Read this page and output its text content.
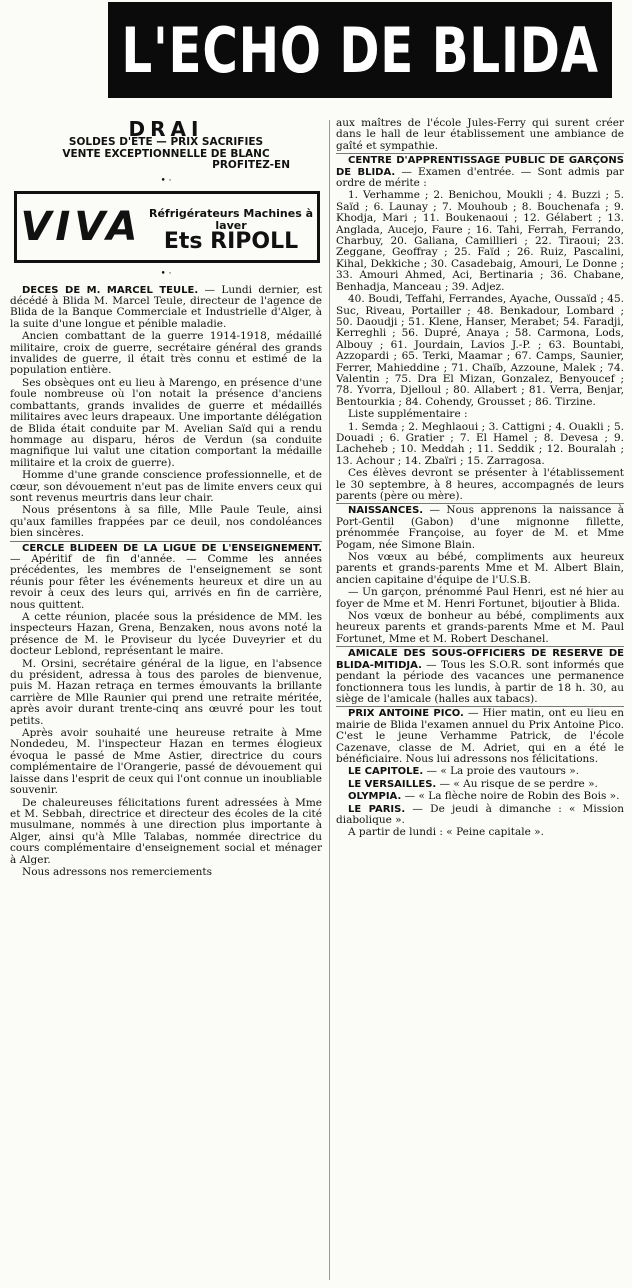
L'ECHO DE BLIDA
DRAI
SOLDES D'ETE — PRIX SACRIFIES
VENTE EXCEPTIONNELLE DE BLANC
PROFITEZ-EN
• ·
VIVA Réfrigérateurs Machines à laver
Ets RIPOLL
• ·

DECES DE M. MARCEL TEULE. — Lundi dernier, est décédé à Blida M. Marcel Teule, directeur de l'agence de Blida de la Banque Commerciale et Industrielle d'Alger, à la suite d'une longue et pénible maladie.

Ancien combattant de la guerre 1914-1918, médaillé militaire, croix de guerre, secrétaire général des grands invalides de guerre, il était très connu et estimé de la population entière.

Ses obsèques ont eu lieu à Marengo, en présence d'une foule nombreuse où l'on notait la présence d'anciens combattants, grands invalides de guerre et médaillés militaires avec leurs drapeaux. Une importante délégation de Blida était conduite par M. Avelian Saïd qui a rendu hommage au disparu, héros de Verdun (sa conduite magnifique lui valut une citation comportant la médaille militaire et la croix de guerre).

Homme d'une grande conscience professionnelle, et de cœur, son dévouement n'eut pas de limite envers ceux qui sont revenus meurtris dans leur chair.

Nous présentons à sa fille, Mlle Paule Teule, ainsi qu'aux familles frappées par ce deuil, nos condoléances bien sincères.

CERCLE BLIDEEN DE LA LIGUE DE L'ENSEIGNEMENT. — Apéritif de fin d'année. — Comme les années précédentes, les membres de l'enseignement se sont réunis pour fêter les événements heureux et dire un au revoir à ceux des leurs qui, arrivés en fin de carrière, nous quittent.

A cette réunion, placée sous la présidence de MM. les inspecteurs Hazan, Grena, Benzaken, nous avons noté la présence de M. le Proviseur du lycée Duveyrier et du docteur Leblond, représentant le maire.

M. Orsini, secrétaire général de la ligue, en l'absence du président, adressa à tous des paroles de bienvenue, puis M. Hazan retraça en termes émouvants la brillante carrière de Mlle Raunier qui prend une retraite méritée, après avoir durant trente-cinq ans œuvré pour les tout petits.

Après avoir souhaité une heureuse retraite à Mme Nondedeu, M. l'inspecteur Hazan en termes élogieux évoqua le passé de Mme Astier, directrice du cours complémentaire de l'Orangerie, passé de dévouement qui laisse dans l'esprit de ceux qui l'ont connue un inoubliable souvenir.

De chaleureuses félicitations furent adressées à Mme et M. Sebbah, directrice et directeur des écoles de la cité musulmane, nommés à une direction plus importante à Alger, ainsi qu'à Mlle Talabas, nommée directrice du cours complémentaire d'enseignement social et ménager à Alger.

Nous adressons nos remerciements

aux maîtres de l'école Jules-Ferry qui surent créer dans le hall de leur établissement une ambiance de gaîté et sympathie.

CENTRE D'APPRENTISSAGE PUBLIC DE GARÇONS DE BLIDA. — Examen d'entrée. — Sont admis par ordre de mérite :

1. Verhamme ; 2. Benichou, Moukli ; 4. Buzzi ; 5. Saïd ; 6. Launay ; 7. Mouhoub ; 8. Bouchenafa ; 9. Khodja, Mari ; 11. Boukenaoui ; 12. Gélabert ; 13. Anglada, Aucejo, Faure ; 16. Tahi, Ferrah, Ferrando, Charbuy, 20. Galiana, Camillieri ; 22. Tiraoui; 23. Zeggane, Geoffray ; 25. Faïd ; 26. Ruiz, Pascalini, Kihal, Dekkiche ; 30. Casadebaig, Amouri, Le Donne ; 33. Amouri Ahmed, Aci, Bertinaria ; 36. Chabane, Benhadja, Manceau ; 39. Adjez.

40. Boudi, Teffahi, Ferrandes, Ayache, Oussaïd ; 45. Suc, Riveau, Portailler ; 48. Benkadour, Lombard ; 50. Daoudji ; 51. Klene, Hanser, Merabet; 54. Faradji, Kerreghli ; 56. Dupré, Anaya ; 58. Carmona, Lods, Albouy ; 61. Jourdain, Lavios J.-P. ; 63. Bountabi, Azzopardi ; 65. Terki, Maamar ; 67. Camps, Saunier, Ferrer, Mahieddine ; 71. Chaïb, Azzoune, Malek ; 74. Valentin ; 75. Dra El Mizan, Gonzalez, Benyoucef ; 78. Yvorra, Djelloul ; 80. Allabert ; 81. Verra, Benjar, Bentourkia ; 84. Cohendy, Grousset ; 86. Tirzine.

Liste supplémentaire :

1. Semda ; 2. Meghlaoui ; 3. Cattigni ; 4. Ouakli ; 5. Douadi ; 6. Gratier ; 7. El Hamel ; 8. Devesa ; 9. Lacheheb ; 10. Meddah ; 11. Seddik ; 12. Bouralah ; 13. Achour ; 14. Zbaïri ; 15. Zarragosa.

Ces élèves devront se présenter à l'établissement le 30 septembre, à 8 heures, accompagnés de leurs parents (père ou mère).

NAISSANCES. — Nous apprenons la naissance à Port-Gentil (Gabon) d'une mignonne fillette, prénommée Françoise, au foyer de M. et Mme Pogam, née Simone Blain.

Nos vœux au bébé, compliments aux heureux parents et grands-parents Mme et M. Albert Blain, ancien capitaine d'équipe de l'U.S.B.

— Un garçon, prénommé Paul Henri, est né hier au foyer de Mme et M. Henri Fortunet, bijoutier à Blida.

Nos vœux de bonheur au bébé, compliments aux heureux parents et grands-parents Mme et M. Paul Fortunet, Mme et M. Robert Deschanel.

AMICALE DES SOUS-OFFICIERS DE RESERVE DE BLIDA-MITIDJA. — Tous les S.O.R. sont informés que pendant la période des vacances une permanence fonctionnera tous les lundis, à partir de 18 h. 30, au siège de l'amicale (halles aux tabacs).

PRIX ANTOINE PICO. — Hier matin, ont eu lieu en mairie de Blida l'examen annuel du Prix Antoine Pico. C'est le jeune Verhamme Patrick, de l'école Cazenave, classe de M. Adriet, qui en a été le bénéficiaire. Nous lui adressons nos félicitations.

LE CAPITOLE. — « La proie des vautours ».

LE VERSAILLES. — « Au risque de se perdre ».

OLYMPIA. — « La flèche noire de Robin des Bois ».

LE PARIS. — De jeudi à dimanche : « Mission diabolique ».

A partir de lundi : « Peine capitale ».
